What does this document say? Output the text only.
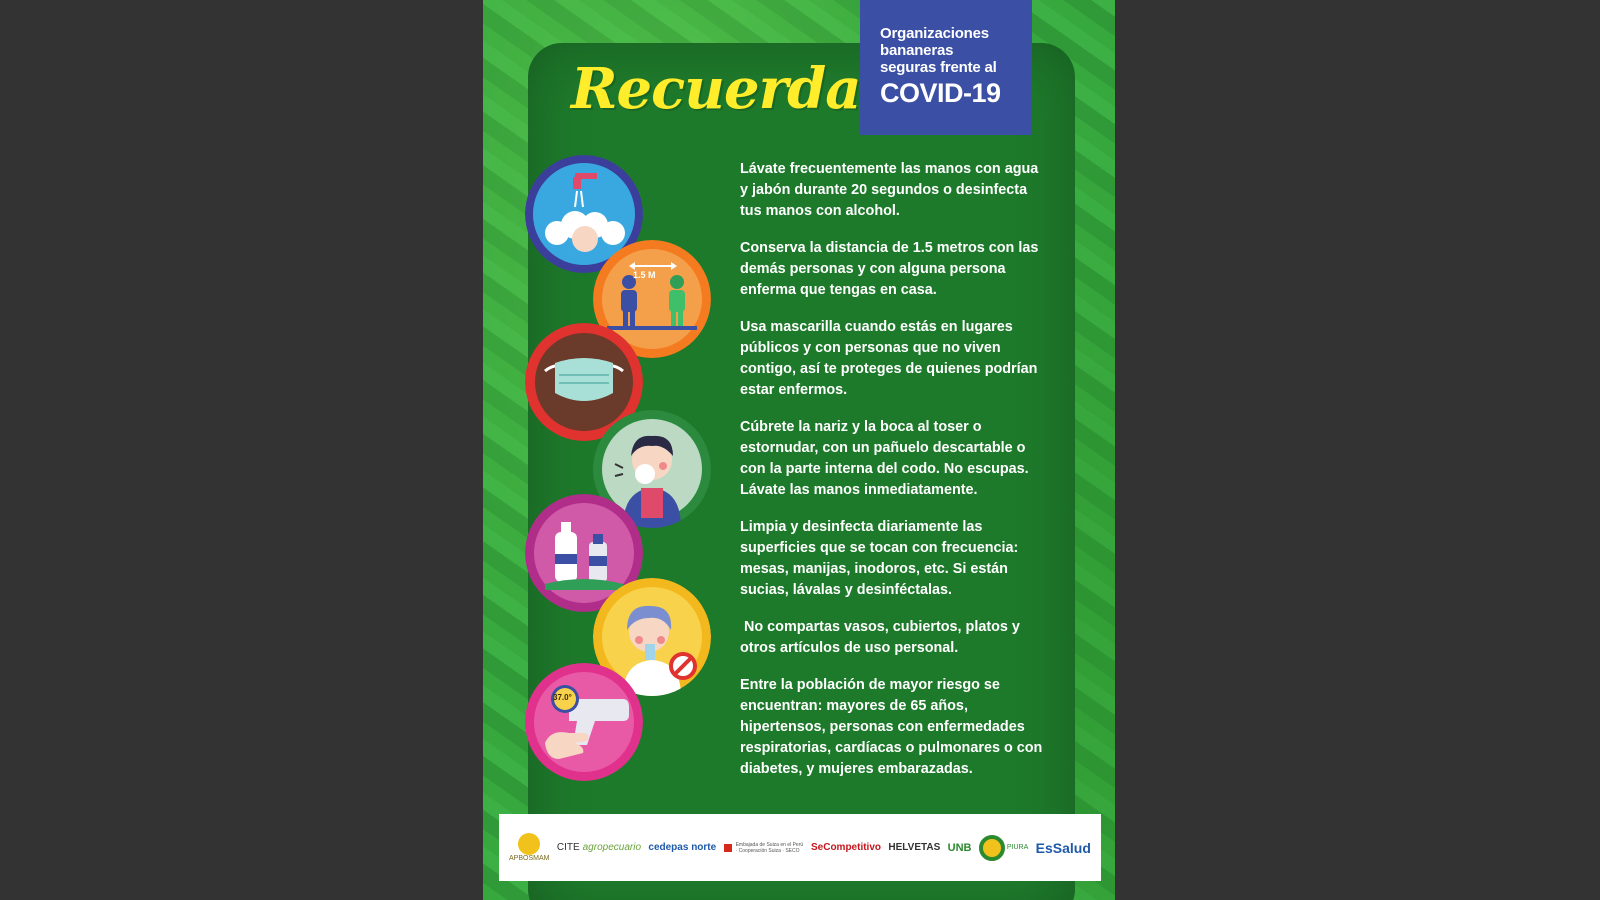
Organizaciones
bananeras
seguras frente al
COVID-19
Recuerda
1.5 M
37.0°

Lávate frecuentemente las manos con agua y jabón durante 20 segundos o desinfecta tus manos con alcohol.

Conserva la distancia de 1.5 metros con las demás personas y con alguna persona enferma que tengas en casa.

Usa mascarilla cuando estás en lugares públicos y con personas que no viven contigo, así te proteges de quienes podrían estar enfermos.

Cúbrete la nariz y la boca al toser o estornudar, con un pañuelo descartable o con la parte interna del codo. No escupas. Lávate las manos inmediatamente.

Limpia y desinfecta diariamente las superficies que se tocan con frecuencia: mesas, manijas, inodoros, etc. Si están sucias, lávalas y desinféctalas.

No compartas vasos, cubiertos, platos y otros artículos de uso personal.

Entre la población de mayor riesgo se encuentran: mayores de 65 años, hipertensos, personas con enfermedades respiratorias, cardíacas o pulmonares o con diabetes, y mujeres embarazadas.

APBOSMAM
CITE agropecuario cedepas norte	Embajada de Suiza en el Perú · Cooperación Suiza · SECO	SeCompetitivo HELVETAS UNB	PIURA EsSalud
